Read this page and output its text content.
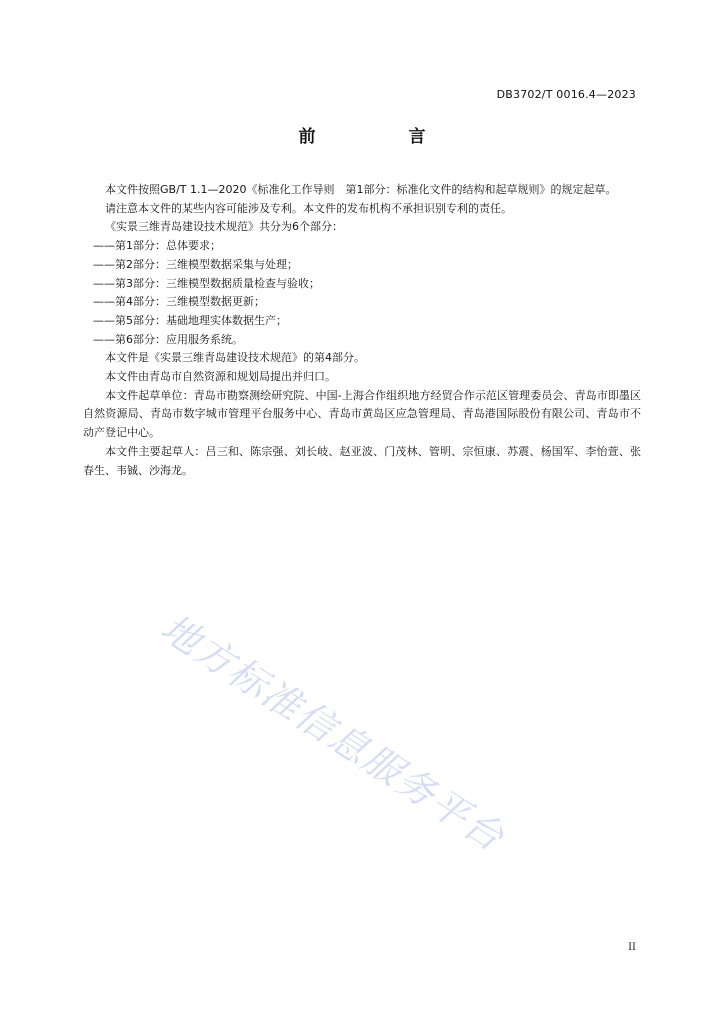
DB3702/T 0016.4—2023
前　言

本文件按照GB/T 1.1—2020《标准化工作导则　第1部分：标准化文件的结构和起草规则》的规定起草。

请注意本文件的某些内容可能涉及专利。本文件的发布机构不承担识别专利的责任。

《实景三维青岛建设技术规范》共分为6个部分：

——第1部分：总体要求；

——第2部分：三维模型数据采集与处理；

——第3部分：三维模型数据质量检查与验收；

——第4部分：三维模型数据更新；

——第5部分：基础地理实体数据生产；

——第6部分：应用服务系统。

本文件是《实景三维青岛建设技术规范》的第4部分。

本文件由青岛市自然资源和规划局提出并归口。

本文件起草单位：青岛市勘察测绘研究院、中国-上海合作组织地方经贸合作示范区管理委员会、青岛市即墨区自然资源局、青岛市数字城市管理平台服务中心、青岛市黄岛区应急管理局、青岛港国际股份有限公司、青岛市不动产登记中心。

本文件主要起草人：吕三和、陈宗强、刘长岐、赵亚波、门茂林、管明、宗恒康、苏震、杨国军、李怡萱、张春生、韦铖、沙海龙。

地方标准信息服务平台
II
